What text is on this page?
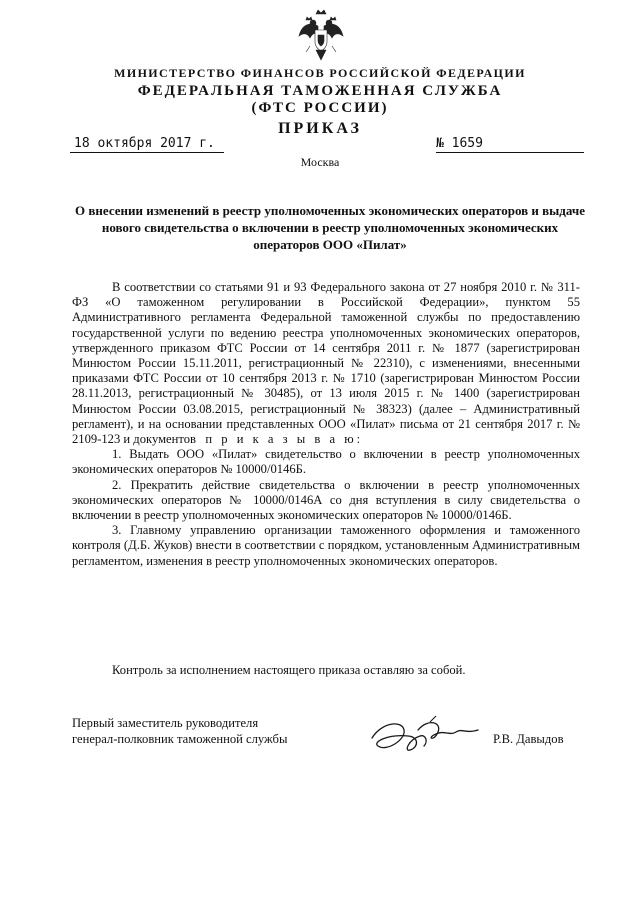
МИНИСТЕРСТВО ФИНАНСОВ РОССИЙСКОЙ ФЕДЕРАЦИИ
ФЕДЕРАЛЬНАЯ ТАМОЖЕННАЯ СЛУЖБА
(ФТС РОССИИ)
ПРИКАЗ
18 октября 2017 г.	№ 1659
Москва
О внесении изменений в реестр уполномоченных экономических операторов и выдаче нового свидетельства о включении в реестр уполномоченных экономических операторов ООО «Пилат»

В соответствии со статьями 91 и 93 Федерального закона от 27 ноября 2010 г. № 311-ФЗ «О таможенном регулировании в Российской Федерации», пунктом 55 Административного регламента Федеральной таможенной службы по предоставлению государственной услуги по ведению реестра уполномоченных экономических операторов, утвержденного приказом ФТС России от 14 сентября 2011 г. № 1877 (зарегистрирован Минюстом России 15.11.2011, регистрационный № 22310), с изменениями, внесенными приказами ФТС России от 10 сентября 2013 г. № 1710 (зарегистрирован Минюстом России 28.11.2013, регистрационный № 30485), от 13 июля 2015 г. № 1400 (зарегистрирован Минюстом России 03.08.2015, регистрационный № 38323) (далее – Административный регламент), и на основании представленных ООО «Пилат» письма от 21 сентября 2017 г. № 2109-123 и документов п р и к а з ы в а ю:

1. Выдать ООО «Пилат» свидетельство о включении в реестр уполномоченных экономических операторов № 10000/0146Б.

2. Прекратить действие свидетельства о включении в реестр уполномоченных экономических операторов № 10000/0146А со дня вступления в силу свидетельства о включении в реестр уполномоченных экономических операторов № 10000/0146Б.

3. Главному управлению организации таможенного оформления и таможенного контроля (Д.Б. Жуков) внести в соответствии с порядком, установленным Административным регламентом, изменения в реестр уполномоченных экономических операторов.

Контроль за исполнением настоящего приказа оставляю за собой.
Первый заместитель руководителя
генерал-полковник таможенной службы	Р.В. Давыдов
